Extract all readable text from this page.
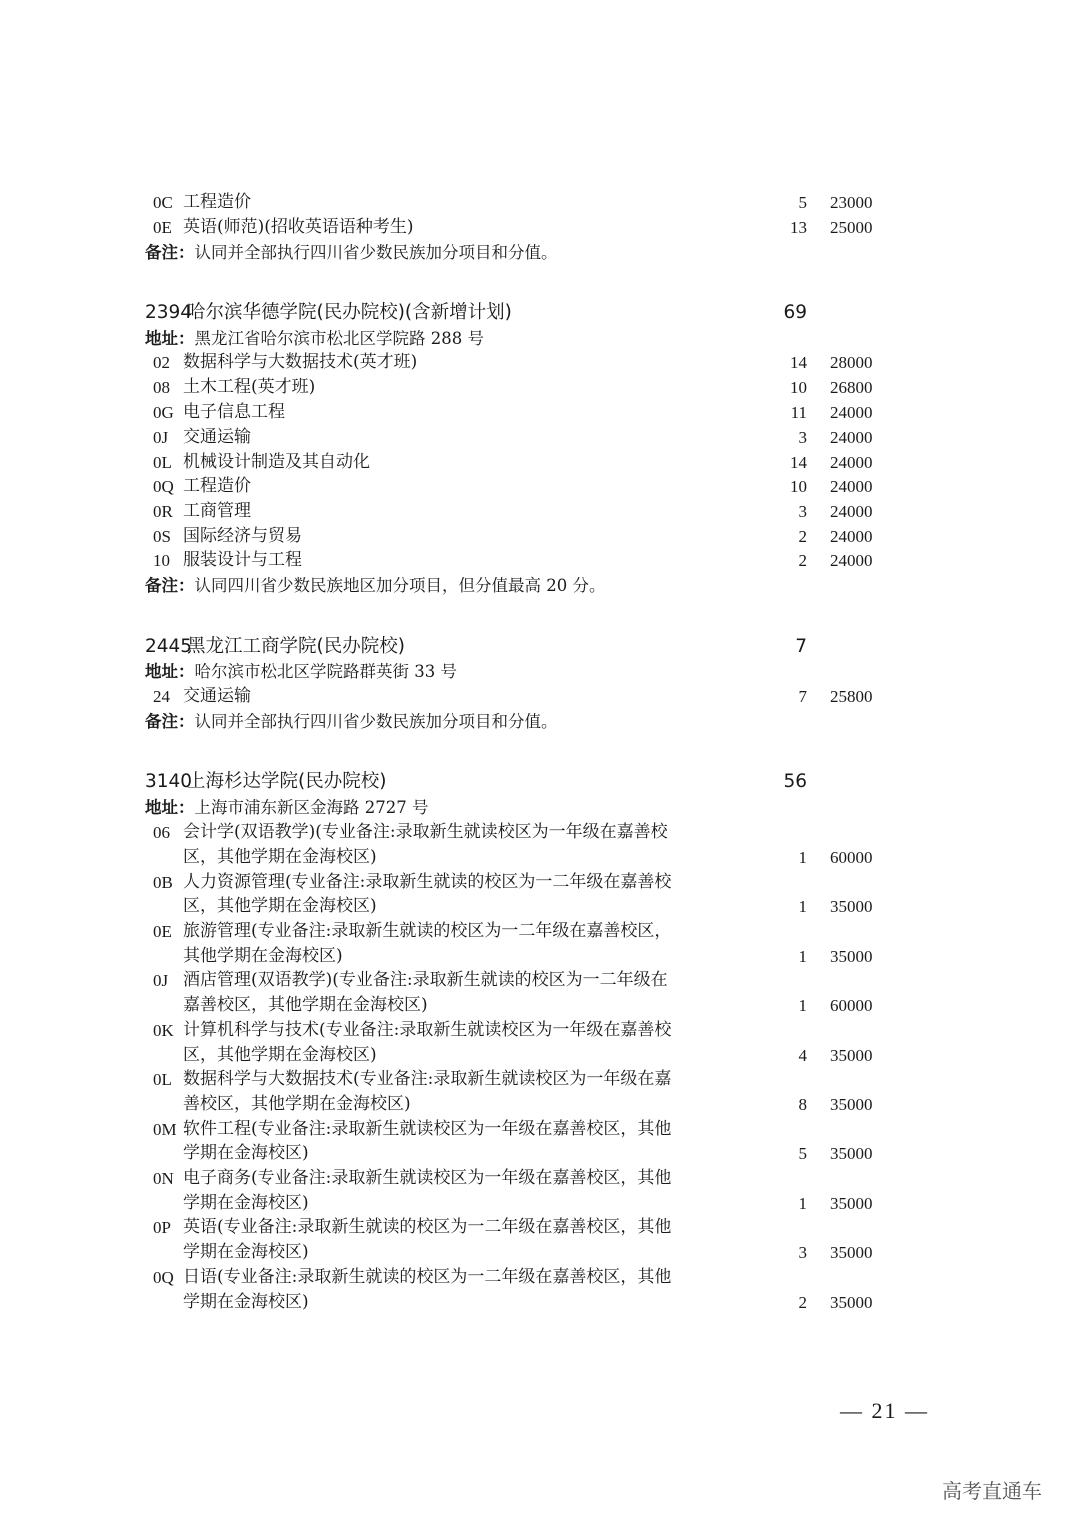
0C 工程造价	5 23000
0E 英语(师范)(招收英语语种考生)	13 25000
备注：认同并全部执行四川省少数民族加分项目和分值。
2394
哈尔滨华德学院(民办院校)(含新增计划)	69
地址：黑龙江省哈尔滨市松北区学院路 288 号
02 数据科学与大数据技术(英才班)	14 28000
08 土木工程(英才班)	10 26800
0G 电子信息工程	11 24000
0J 交通运输	3 24000
0L 机械设计制造及其自动化	14 24000
0Q 工程造价	10 24000
0R 工商管理	3 24000
0S 国际经济与贸易	2 24000
10 服装设计与工程	2 24000
备注：认同四川省少数民族地区加分项目，但分值最高 20 分。
2445
黑龙江工商学院(民办院校)	7
地址：哈尔滨市松北区学院路群英街 33 号
24 交通运输	7 25800
备注：认同并全部执行四川省少数民族加分项目和分值。
3140
上海杉达学院(民办院校)	56
地址：上海市浦东新区金海路 2727 号
06 会计学(双语教学)(专业备注:录取新生就读校区为一年级在嘉善校
区，其他学期在金海校区)	1 60000
0B 人力资源管理(专业备注:录取新生就读的校区为一二年级在嘉善校
区，其他学期在金海校区)	1 35000
0E 旅游管理(专业备注:录取新生就读的校区为一二年级在嘉善校区，
其他学期在金海校区)	1 35000
0J 酒店管理(双语教学)(专业备注:录取新生就读的校区为一二年级在
嘉善校区，其他学期在金海校区)	1 60000
0K 计算机科学与技术(专业备注:录取新生就读校区为一年级在嘉善校
区，其他学期在金海校区)	4 35000
0L 数据科学与大数据技术(专业备注:录取新生就读校区为一年级在嘉
善校区，其他学期在金海校区)	8 35000
0M 软件工程(专业备注:录取新生就读校区为一年级在嘉善校区，其他
学期在金海校区)	5 35000
0N 电子商务(专业备注:录取新生就读校区为一年级在嘉善校区，其他
学期在金海校区)	1 35000
0P 英语(专业备注:录取新生就读的校区为一二年级在嘉善校区，其他
学期在金海校区)	3 35000
0Q 日语(专业备注:录取新生就读的校区为一二年级在嘉善校区，其他
学期在金海校区)	2 35000
— 21 —
高考直通车
